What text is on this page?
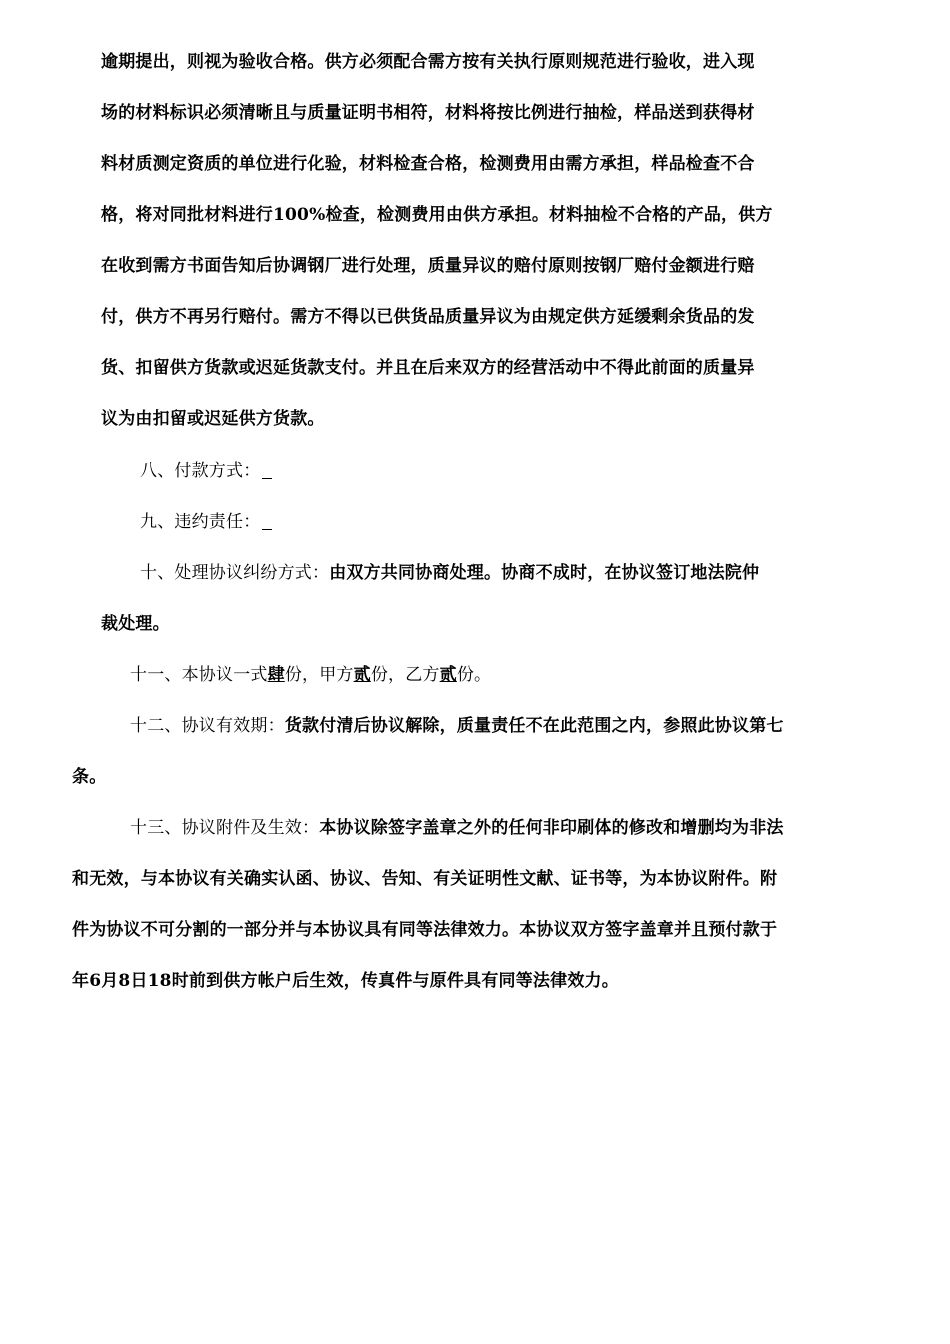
逾期提出，则视为验收合格。供方必须配合需方按有关执行原则规范进行验收，进入现
场的材料标识必须清晰且与质量证明书相符，材料将按比例进行抽检，样品送到获得材
料材质测定资质的单位进行化验，材料检查合格，检测费用由需方承担，样品检查不合
格，将对同批材料进行100%检查，检测费用由供方承担。材料抽检不合格的产品，供方
在收到需方书面告知后协调钢厂进行处理，质量异议的赔付原则按钢厂赔付金额进行赔
付，供方不再另行赔付。需方不得以已供货品质量异议为由规定供方延缓剩余货品的发
货、扣留供方货款或迟延货款支付。并且在后来双方的经营活动中不得此前面的质量异
议为由扣留或迟延供方货款。
八、付款方式：
九、违约责任：
十、处理协议纠纷方式：由双方共同协商处理。协商不成时，在协议签订地法院仲
裁处理。
十一、本协议一式肆份，甲方贰份，乙方贰份。
十二、协议有效期：货款付清后协议解除，质量责任不在此范围之内，参照此协议第七
条。
十三、协议附件及生效：本协议除签字盖章之外的任何非印刷体的修改和增删均为非法
和无效，与本协议有关确实认函、协议、告知、有关证明性文献、证书等，为本协议附件。附
件为协议不可分割的一部分并与本协议具有同等法律效力。本协议双方签字盖章并且预付款于
年6月8日18时前到供方帐户后生效，传真件与原件具有同等法律效力。
